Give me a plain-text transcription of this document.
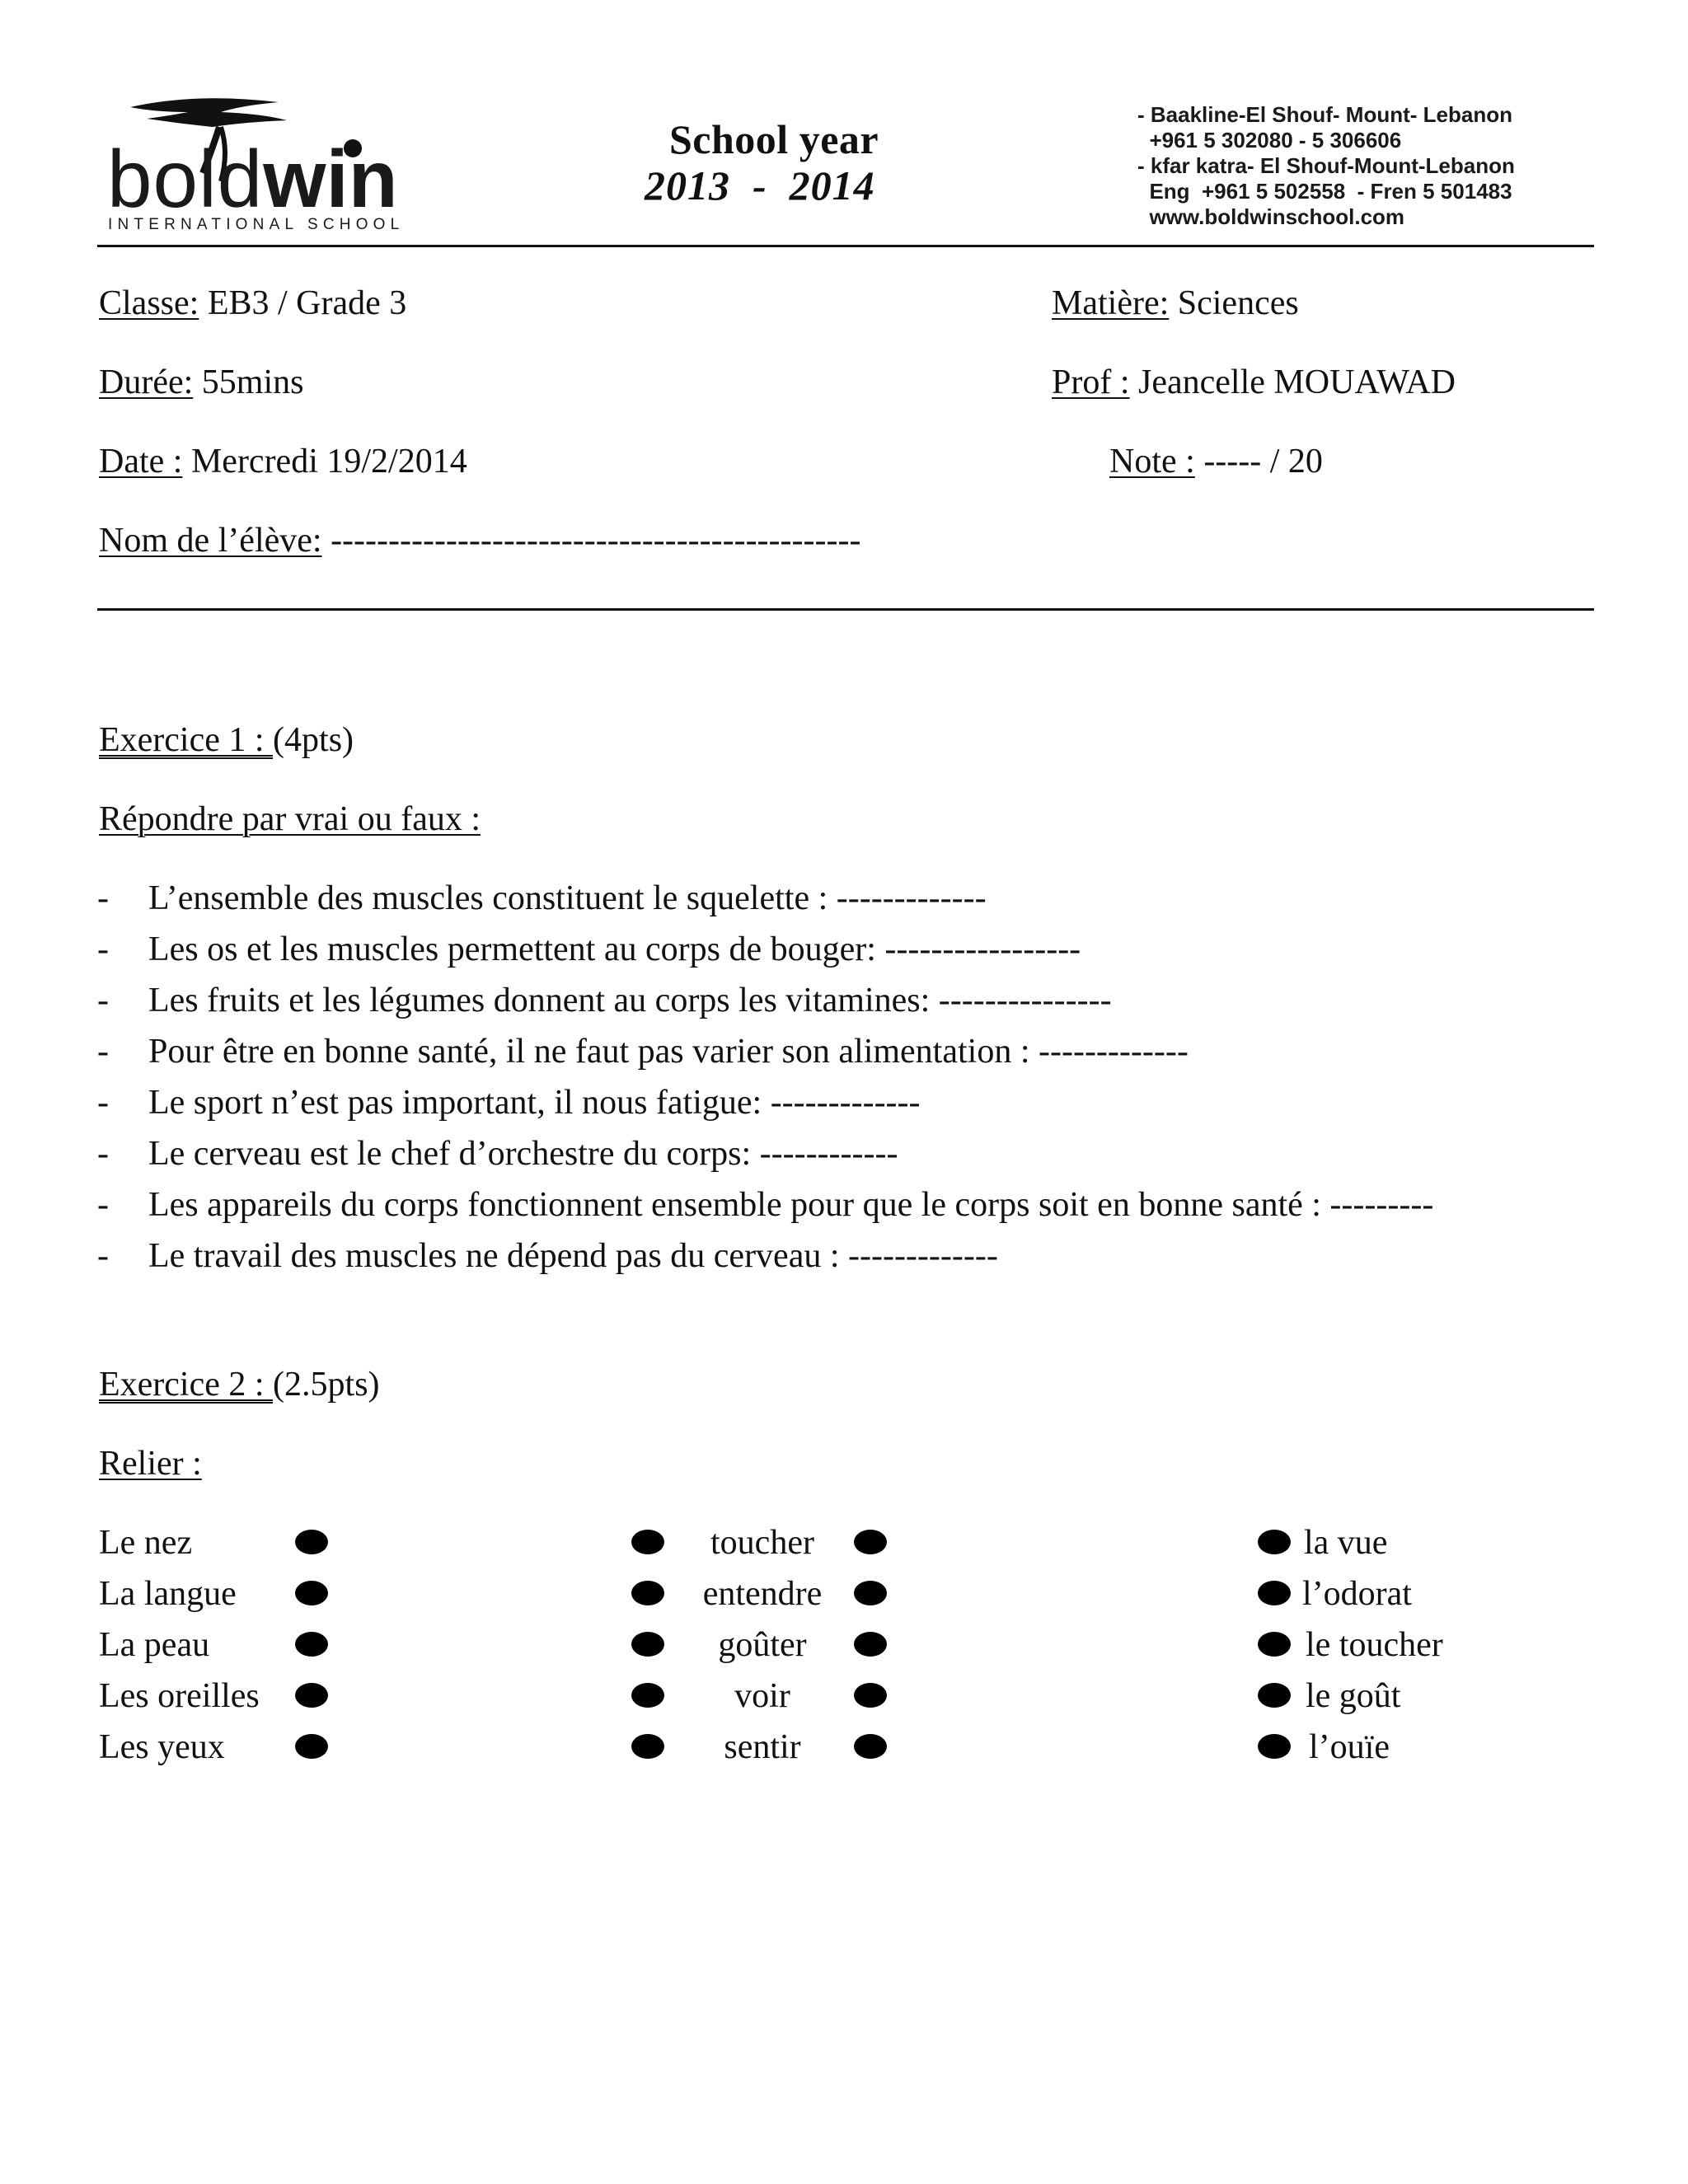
boldwin
INTERNATIONAL SCHOOL
School year
2013  -  2014
- Baakline-El Shouf- Mount- Lebanon
+961 5 302080 - 5 306606
- kfar katra- El Shouf-Mount-Lebanon
Eng  +961 5 502558  - Fren 5 501483
www.boldwinschool.com
Classe: EB3 / Grade 3	Matière: Sciences
Durée: 55mins	Prof : Jeancelle MOUAWAD
Date : Mercredi 19/2/2014	Note : ----- / 20
Nom de l’élève: ----------------------------------------------
Exercice 1 : (4pts)
Répondre par vrai ou faux :
- L’ensemble des muscles constituent le squelette : -------------
- Les os et les muscles permettent au corps de bouger: -----------------
- Les fruits et les légumes donnent au corps les vitamines: ---------------
- Pour être en bonne santé, il ne faut pas varier son alimentation : -------------
- Le sport n’est pas important, il nous fatigue: -------------
- Le cerveau est le chef d’orchestre du corps: ------------
- Les appareils du corps fonctionnent ensemble pour que le corps soit en bonne santé : ---------
- Le travail des muscles ne dépend pas du cerveau : -------------
Exercice 2 : (2.5pts)
Relier :
Le nez	toucher	la vue
La langue	entendre	l’odorat
La peau	goûter	le toucher
Les oreilles	voir	le goût
Les yeux	sentir	l’ouïe
